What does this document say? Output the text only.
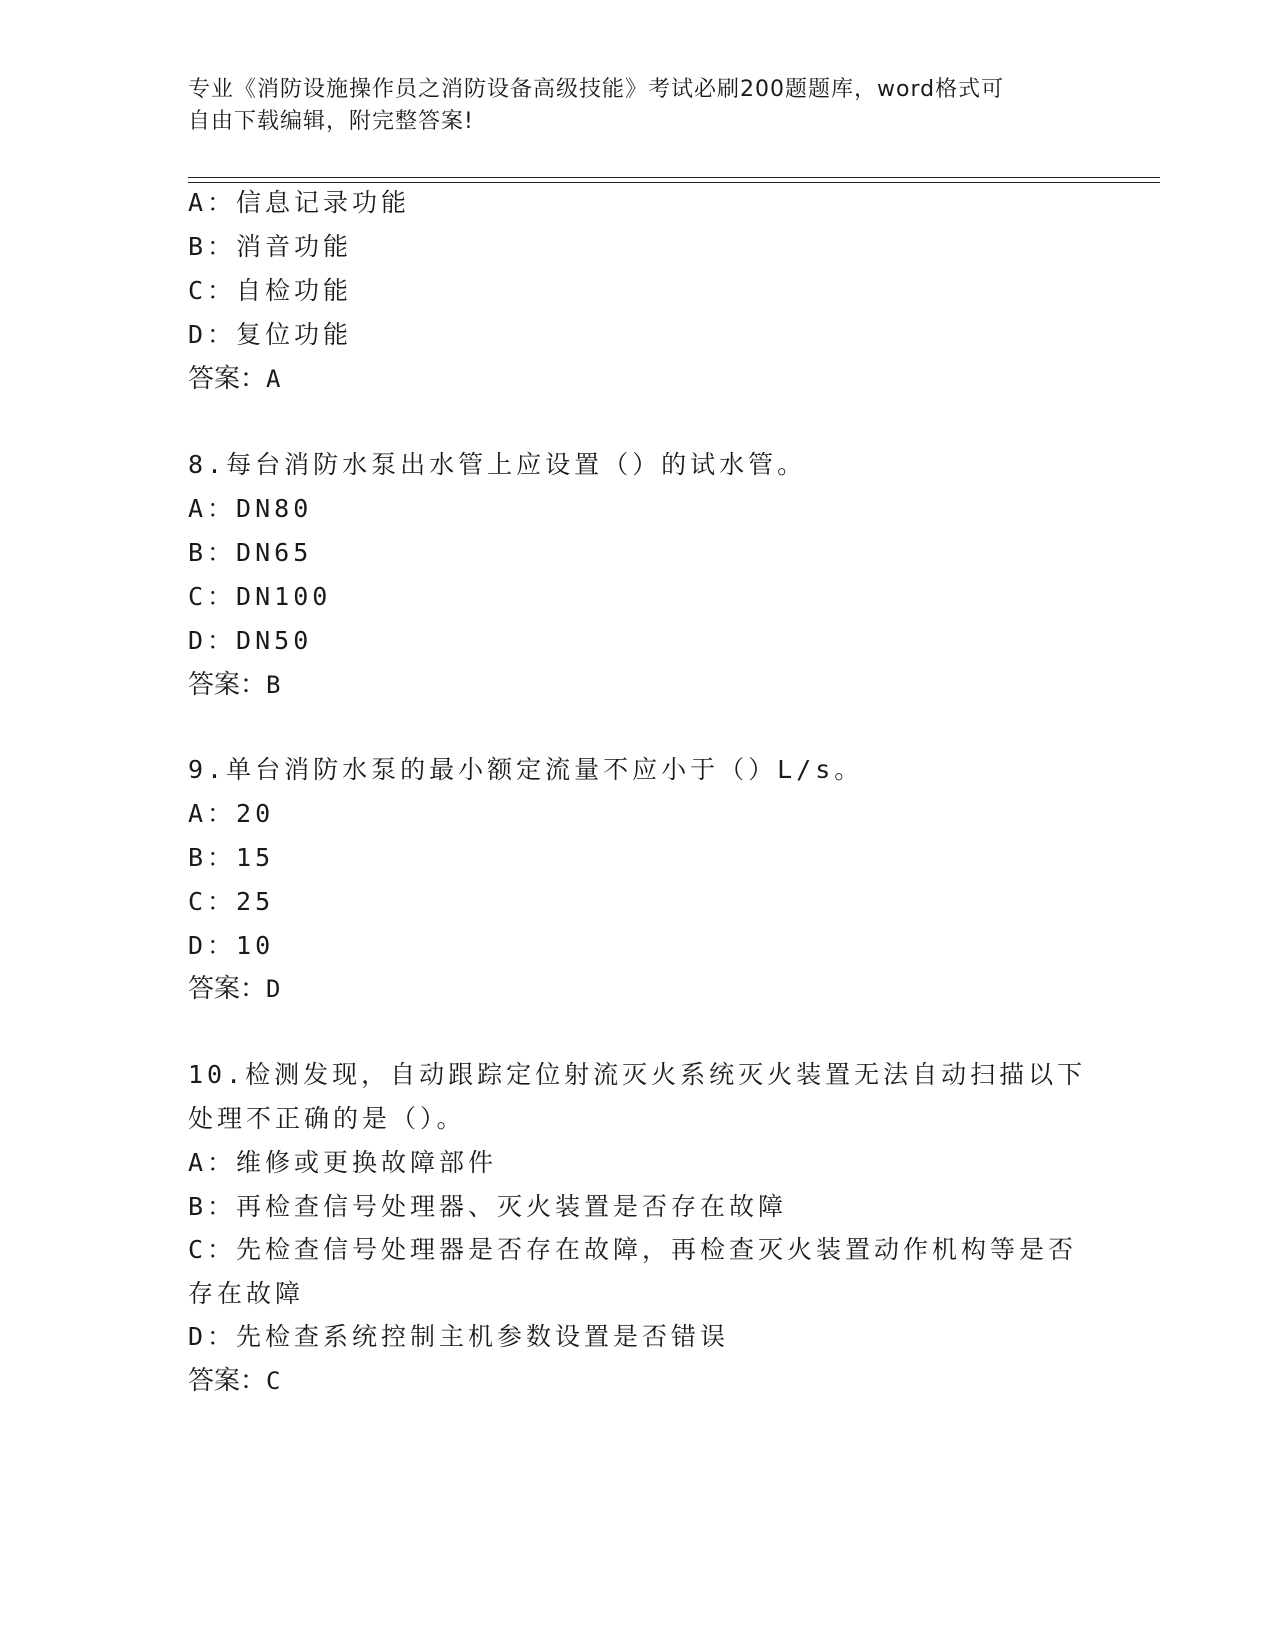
专业《消防设施操作员之消防设备高级技能》考试必刷200题题库，word格式可
自由下载编辑，附完整答案!
A：信息记录功能
B：消音功能
C：自检功能
D：复位功能
答案：A
8.每台消防水泵出水管上应设置（）的试水管。
A：DN80
B：DN65
C：DN100
D：DN50
答案：B
9.单台消防水泵的最小额定流量不应小于（）L/s。
A：20
B：15
C：25
D：10
答案：D
10.检测发现，自动跟踪定位射流灭火系统灭火装置无法自动扫描以下
处理不正确的是（）。
A：维修或更换故障部件
B：再检查信号处理器、灭火装置是否存在故障
C：先检查信号处理器是否存在故障，再检查灭火装置动作机构等是否
存在故障
D：先检查系统控制主机参数设置是否错误
答案：C
